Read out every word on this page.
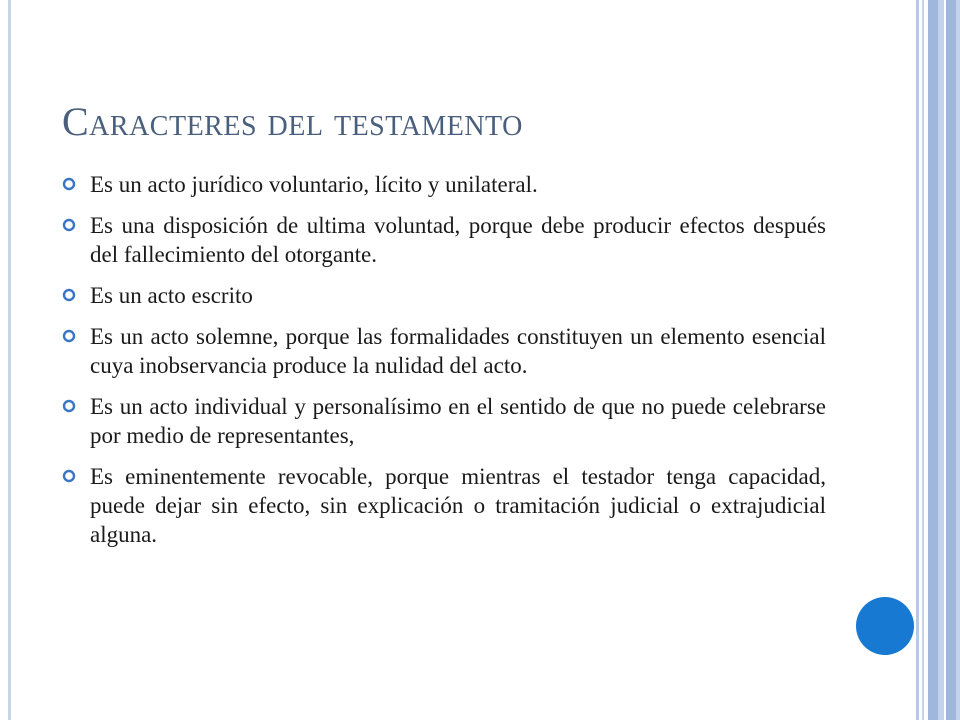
Caracteres del testamento
Es un acto jurídico voluntario, lícito y unilateral.
Es una disposición de ultima voluntad, porque debe producir efectos después del fallecimiento del otorgante.
Es un acto escrito
Es un acto solemne, porque las formalidades constituyen un elemento esencial cuya inobservancia produce la nulidad del acto.
Es un acto individual y personalísimo en el sentido de que no puede celebrarse por medio de representantes,
Es eminentemente revocable, porque mientras el testador tenga capacidad, puede dejar sin efecto, sin explicación o tramitación judicial o extrajudicial alguna.
